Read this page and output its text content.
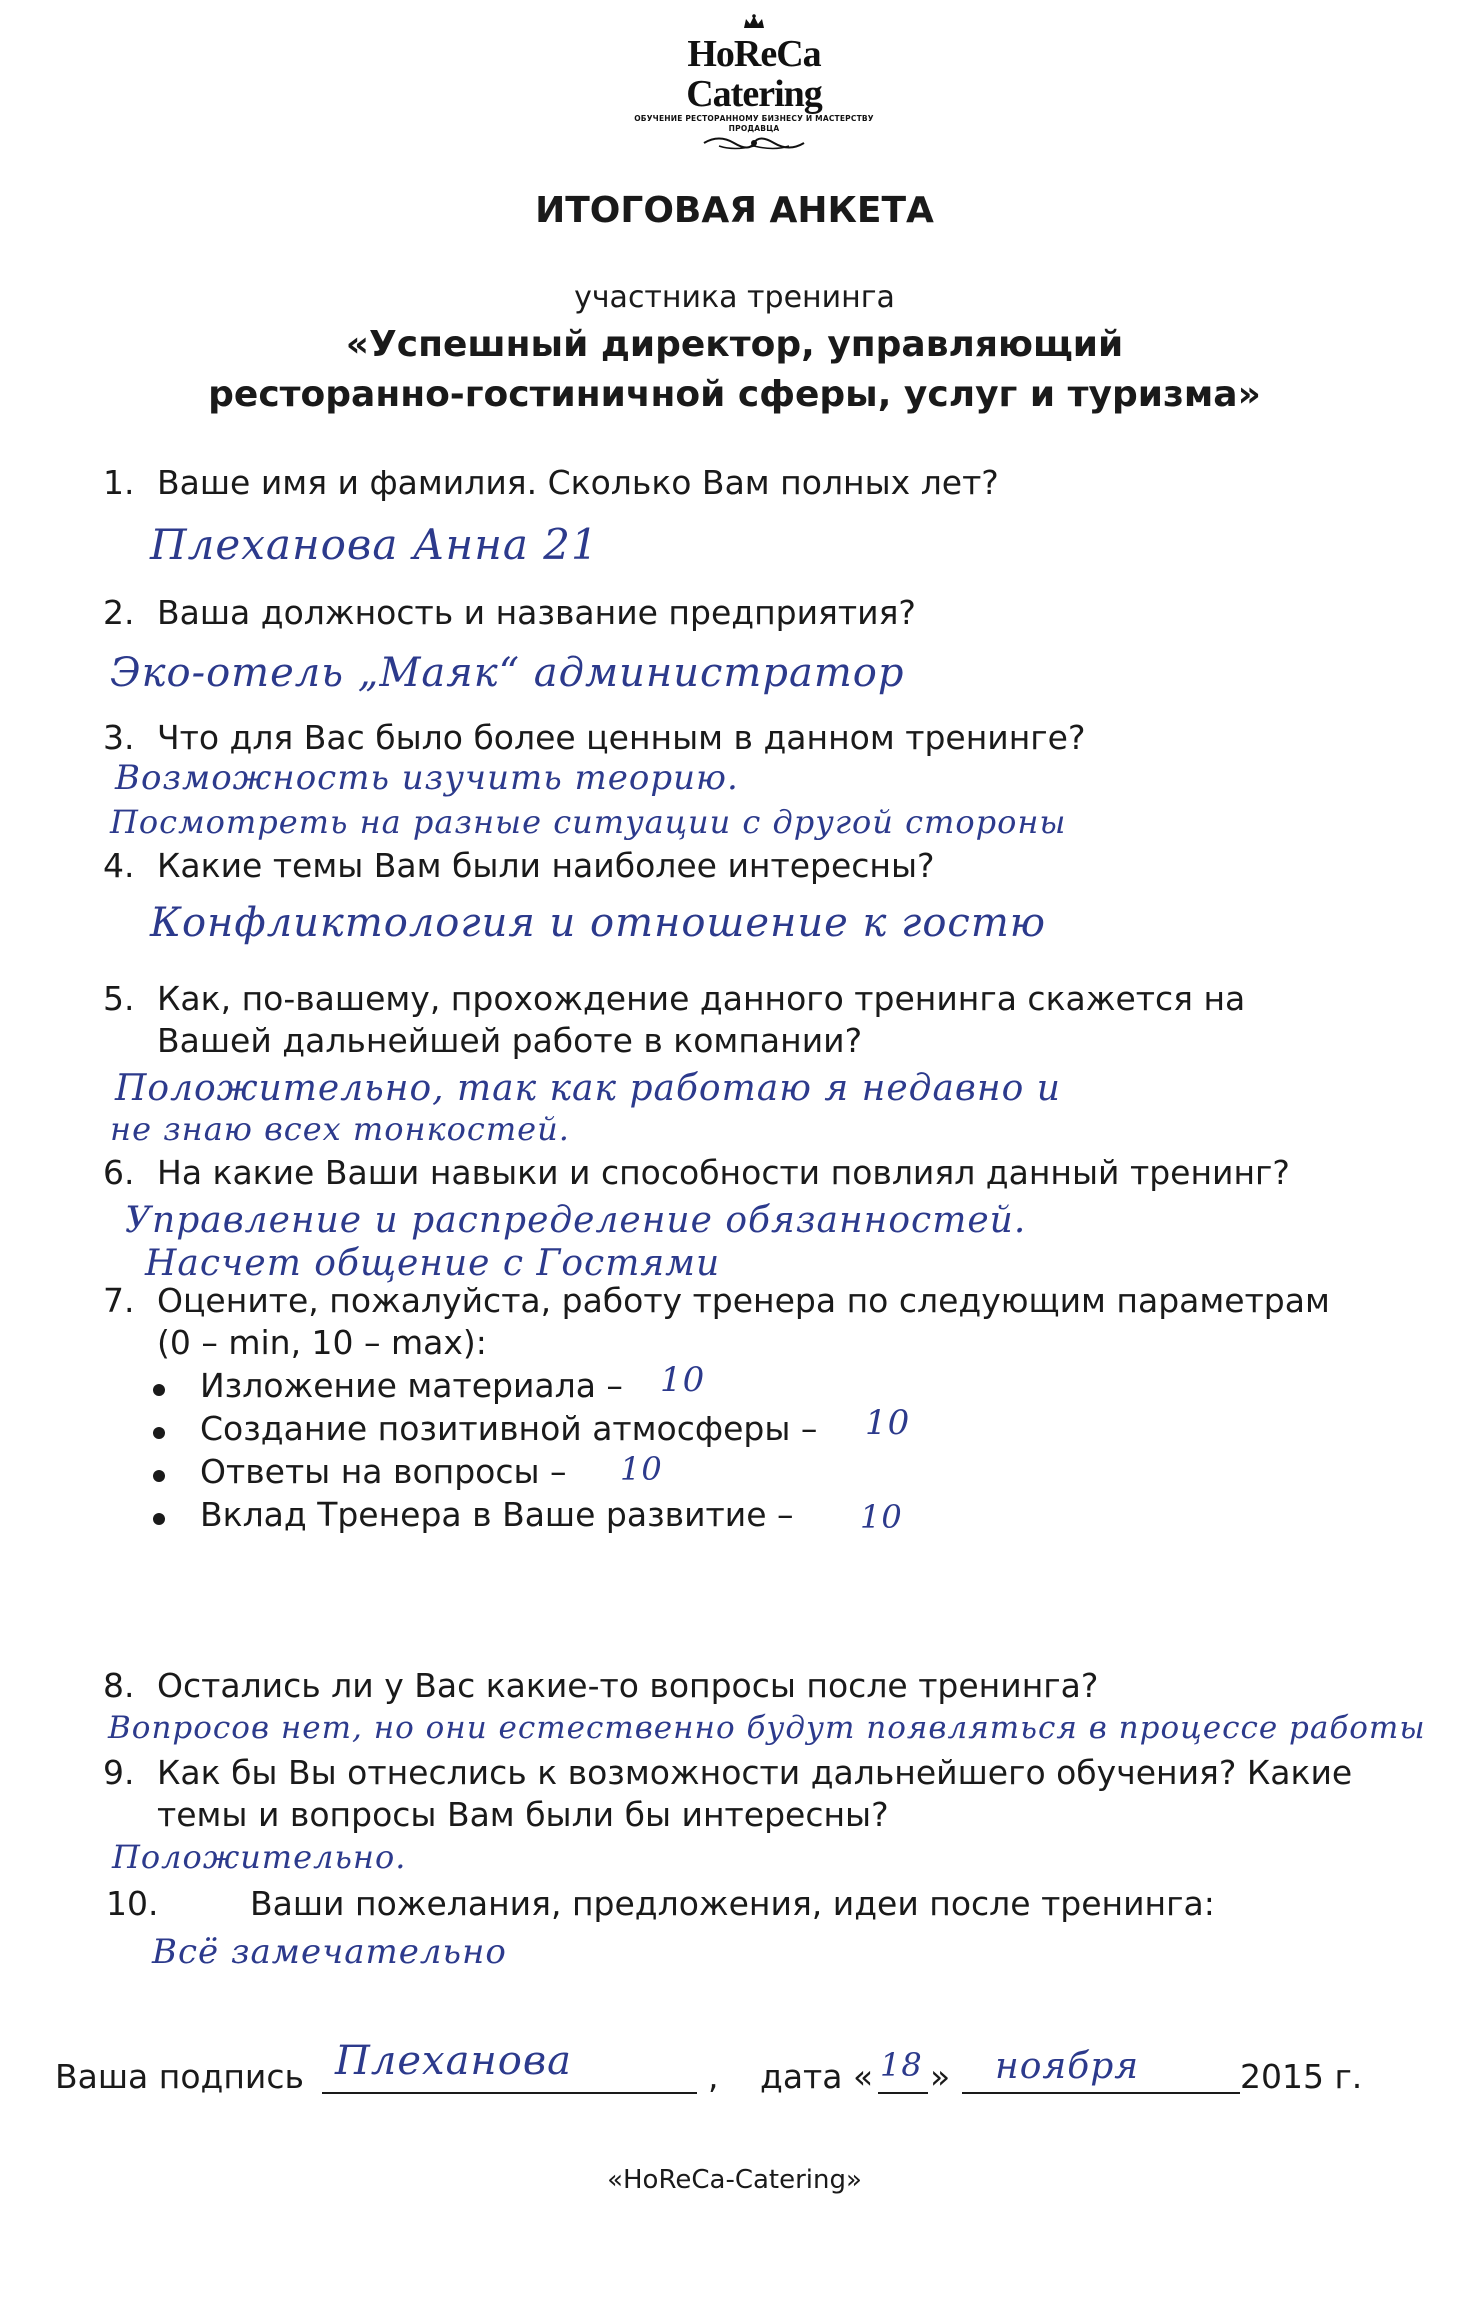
HoReCa Catering
ОБУЧЕНИЕ РЕСТОРАННОМУ БИЗНЕСУ И МАСТЕРСТВУ ПРОДАВЦА
ИТОГОВАЯ АНКЕТА
участника тренинга
«Успешный директор, управляющий
ресторанно-гостиничной сферы, услуг и туризма»
1. Ваше имя и фамилия. Сколько Вам полных лет?
Плеханова Анна 21
2. Ваша должность и название предприятия?
Эко-отель „Маяк“ администратор
3. Что для Вас было более ценным в данном тренинге?
Возможность изучить теорию.
Посмотреть на разные ситуации с другой стороны
4. Какие темы Вам были наиболее интересны?
Конфликтология и отношение к гостю
5. Как, по-вашему, прохождение данного тренинга скажется на
Вашей дальнейшей работе в компании?
Положительно, так как работаю я недавно и
не знаю всех тонкостей.
6. На какие Ваши навыки и способности повлиял данный тренинг?
Управление и распределение обязанностей.
Насчет общение с Гостями
7. Оцените, пожалуйста, работу тренера по следующим параметрам
(0 – min, 10 – max):
Изложение материала – 10
Создание позитивной атмосферы – 10
Ответы на вопросы – 10
Вклад Тренера в Ваше развитие – 10
8. Остались ли у Вас какие-то вопросы после тренинга?
Вопросов нет, но они естественно будут появляться в процессе работы
9. Как бы Вы отнеслись к возможности дальнейшего обучения? Какие
темы и вопросы Вам были бы интересны?
Положительно.
10.	Ваши пожелания, предложения, идеи после тренинга:
Всё замечательно
Ваша подпись Плеханова	, дата « 18 » ноября	2015 г.
«HoReCa-Catering»
